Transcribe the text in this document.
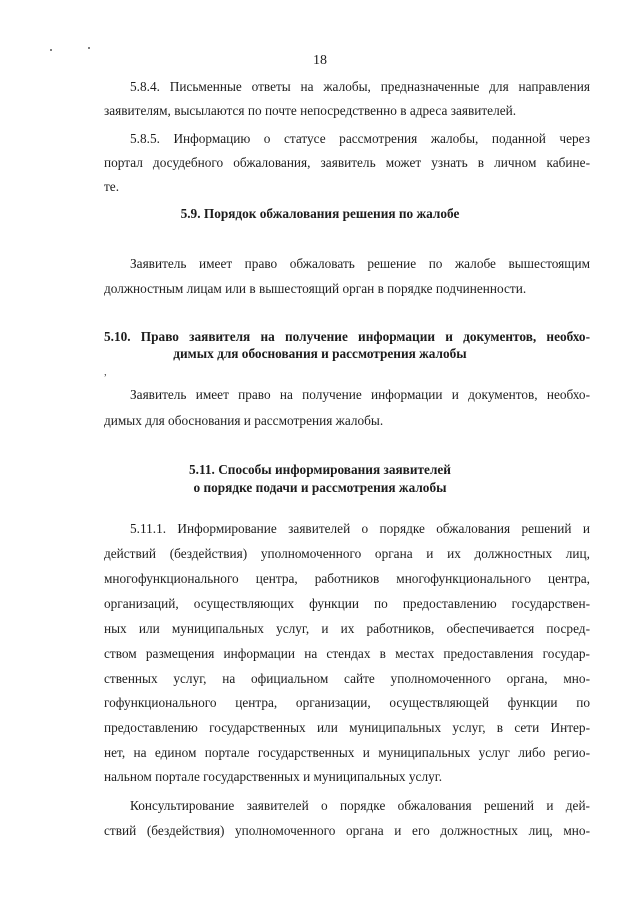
18
5.8.4. Письменные ответы на жалобы, предназначенные для направления
заявителям, высылаются по почте непосредственно в адреса заявителей.
5.8.5. Информацию о статусе рассмотрения жалобы, поданной через
портал досудебного обжалования, заявитель может узнать в личном кабине-
те.
5.9. Порядок обжалования решения по жалобе
Заявитель имеет право обжаловать решение по жалобе вышестоящим
должностным лицам или в вышестоящий орган в порядке подчиненности.
5.10. Право заявителя на получение информации и документов, необхо-
димых для обоснования и рассмотрения жалобы
,
Заявитель имеет право на получение информации и документов, необхо-
димых для обоснования и рассмотрения жалобы.
5.11. Способы информирования заявителей
о порядке подачи и рассмотрения жалобы
5.11.1. Информирование заявителей о порядке обжалования решений и
действий (бездействия) уполномоченного органа и их должностных лиц,
многофункционального центра, работников многофункционального центра,
организаций, осуществляющих функции по предоставлению государствен-
ных или муниципальных услуг, и их работников, обеспечивается посред-
ством размещения информации на стендах в местах предоставления государ-
ственных услуг, на официальном сайте уполномоченного органа, мно-
гофункционального центра, организации, осуществляющей функции по
предоставлению государственных или муниципальных услуг, в сети Интер-
нет, на едином портале государственных и муниципальных услуг либо регио-
нальном портале государственных и муниципальных услуг.
Консультирование заявителей о порядке обжалования решений и дей-
ствий (бездействия) уполномоченного органа и его должностных лиц, мно-
